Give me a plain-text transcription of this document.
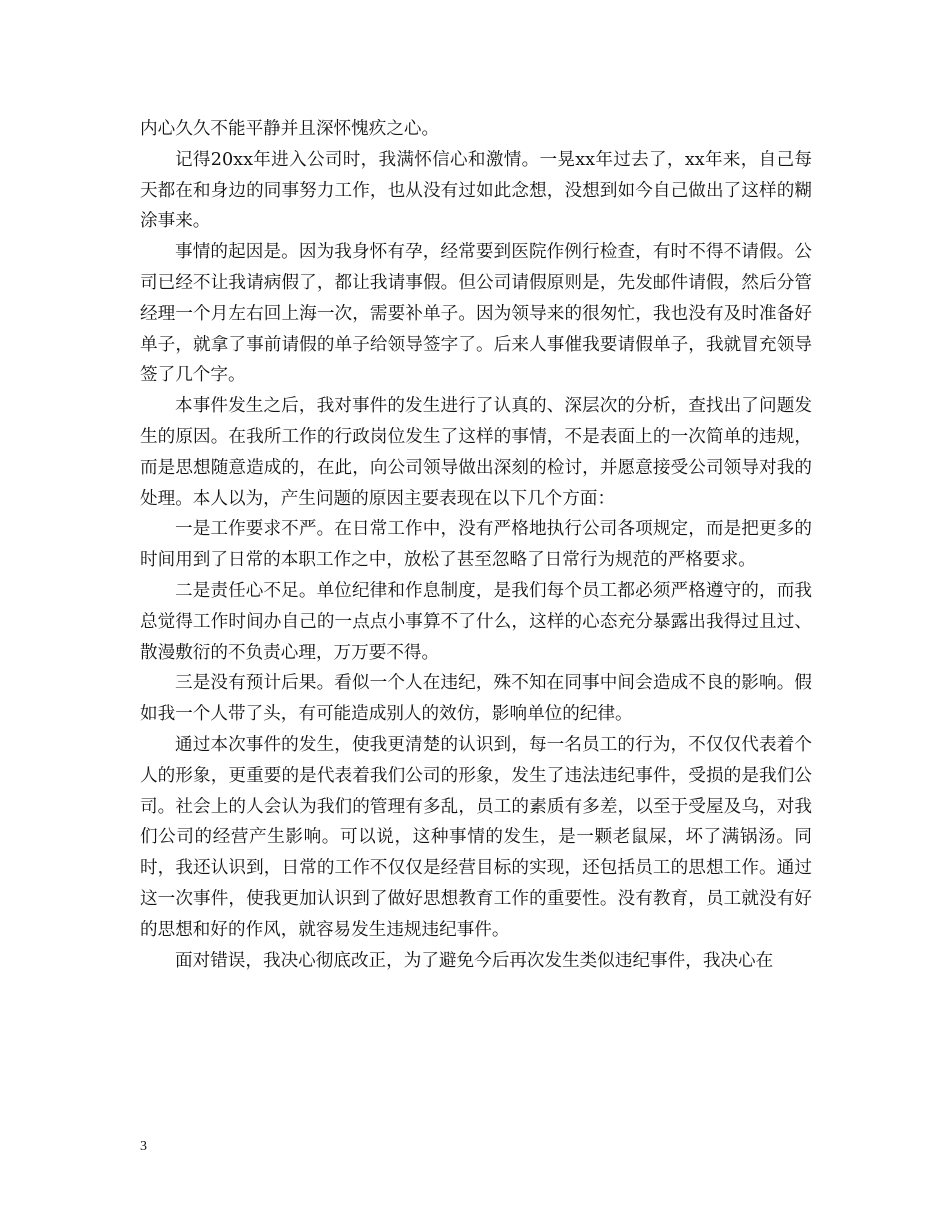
内心久久不能平静并且深怀愧疚之心。

记得20xx年进入公司时，我满怀信心和激情。一晃xx年过去了，xx年来，自己每天都在和身边的同事努力工作，也从没有过如此念想，没想到如今自己做出了这样的糊涂事来。

事情的起因是。因为我身怀有孕，经常要到医院作例行检查，有时不得不请假。公司已经不让我请病假了，都让我请事假。但公司请假原则是，先发邮件请假，然后分管经理一个月左右回上海一次，需要补单子。因为领导来的很匆忙，我也没有及时准备好单子，就拿了事前请假的单子给领导签字了。后来人事催我要请假单子，我就冒充领导签了几个字。

本事件发生之后，我对事件的发生进行了认真的、深层次的分析，查找出了问题发生的原因。在我所工作的行政岗位发生了这样的事情，不是表面上的一次简单的违规，而是思想随意造成的，在此，向公司领导做出深刻的检讨，并愿意接受公司领导对我的处理。本人以为，产生问题的原因主要表现在以下几个方面：

一是工作要求不严。在日常工作中，没有严格地执行公司各项规定，而是把更多的时间用到了日常的本职工作之中，放松了甚至忽略了日常行为规范的严格要求。

二是责任心不足。单位纪律和作息制度，是我们每个员工都必须严格遵守的，而我总觉得工作时间办自己的一点点小事算不了什么，这样的心态充分暴露出我得过且过、散漫敷衍的不负责心理，万万要不得。

三是没有预计后果。看似一个人在违纪，殊不知在同事中间会造成不良的影响。假如我一个人带了头，有可能造成别人的效仿，影响单位的纪律。

通过本次事件的发生，使我更清楚的认识到，每一名员工的行为，不仅仅代表着个人的形象，更重要的是代表着我们公司的形象，发生了违法违纪事件，受损的是我们公司。社会上的人会认为我们的管理有多乱，员工的素质有多差，以至于受屋及乌，对我们公司的经营产生影响。可以说，这种事情的发生，是一颗老鼠屎，坏了满锅汤。同时，我还认识到，日常的工作不仅仅是经营目标的实现，还包括员工的思想工作。通过这一次事件，使我更加认识到了做好思想教育工作的重要性。没有教育，员工就没有好的思想和好的作风，就容易发生违规违纪事件。

面对错误，我决心彻底改正，为了避免今后再次发生类似违纪事件，我决心在

3
